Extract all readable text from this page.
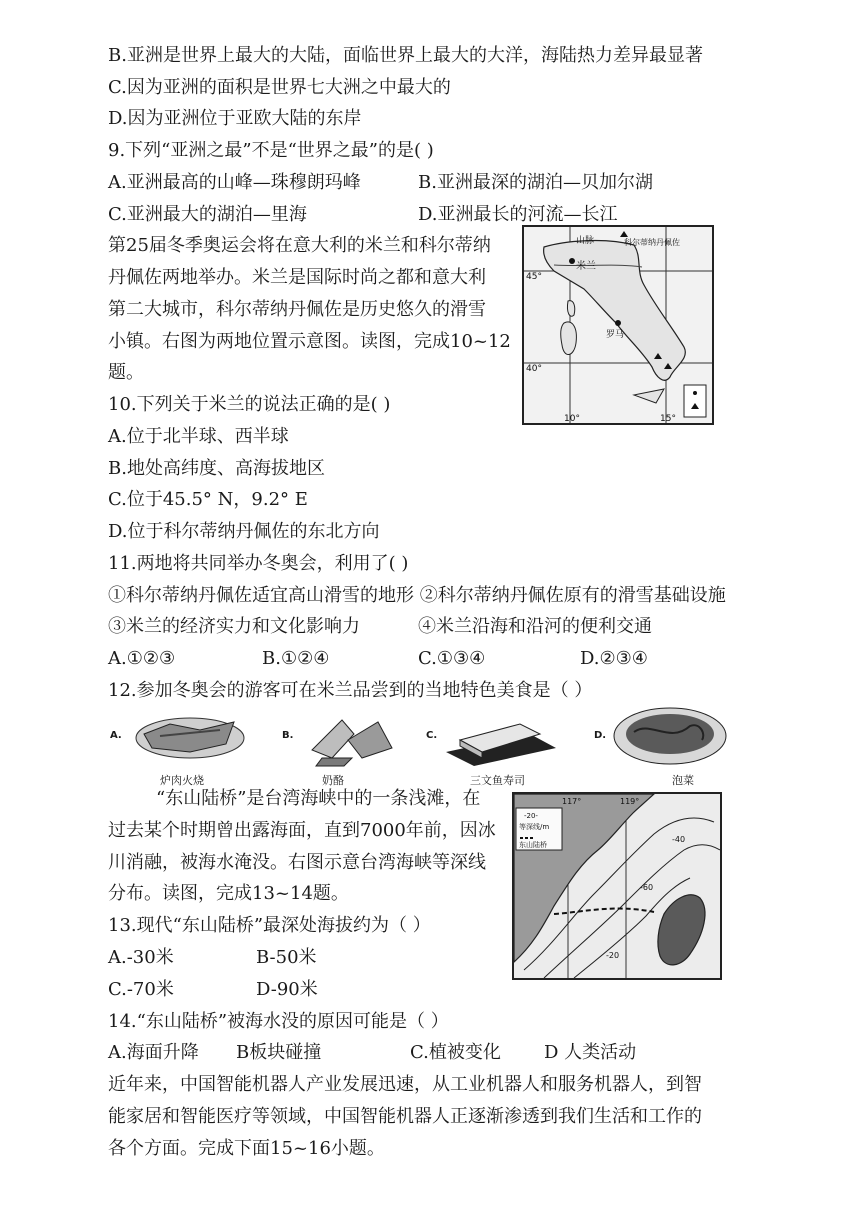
B.亚洲是世界上最大的大陆，面临世界上最大的大洋，海陆热力差异最显著
C.因为亚洲的面积是世界七大洲之中最大的
D.因为亚洲位于亚欧大陆的东岸
9.下列“亚洲之最”不是“世界之最”的是( )
A.亚洲最高的山峰—珠穆朗玛峰	B.亚洲最深的湖泊—贝加尔湖
C.亚洲最大的湖泊—里海	D.亚洲最长的河流—长江
第25届冬季奥运会将在意大利的米兰和科尔蒂纳
丹佩佐两地举办。米兰是国际时尚之都和意大利
第二大城市，科尔蒂纳丹佩佐是历史悠久的滑雪
小镇。右图为两地位置示意图。读图，完成10~12
题。
山脉	科尔蒂纳丹佩佐
米兰
罗马
45°
40°
10°	15°
10.下列关于米兰的说法正确的是( )
A.位于北半球、西半球
B.地处高纬度、高海拔地区
C.位于45.5° N，9.2° E
D.位于科尔蒂纳丹佩佐的东北方向
11.两地将共同举办冬奥会，利用了( )
①科尔蒂纳丹佩佐适宜高山滑雪的地形 ②科尔蒂纳丹佩佐原有的滑雪基础设施
③米兰的经济实力和文化影响力	④米兰沿海和沿河的便利交通
A.①②③	B.①②④	C.①③④	D.②③④
12.参加冬奥会的游客可在米兰品尝到的当地特色美食是（ ）
A.
炉肉火烧
B.
奶酪
C.
三文鱼寿司
D.
泡菜
“东山陆桥”是台湾海峡中的一条浅滩，在
过去某个时期曾出露海面，直到7000年前，因冰
川消融，被海水淹没。右图示意台湾海峡等深线
分布。读图，完成13~14题。
-20-
等深线/m
东山陆桥
117°	119°
-20
-40
-60
13.现代“东山陆桥”最深处海拔约为（ ）
A.-30米	B-50米
C.-70米	D-90米
14.“东山陆桥”被海水没的原因可能是（ ）
A.海面升降 B板块碰撞	C.植被变化 D 人类活动
近年来，中国智能机器人产业发展迅速，从工业机器人和服务机器人，到智
能家居和智能医疗等领域，中国智能机器人正逐渐渗透到我们生活和工作的
各个方面。完成下面15~16小题。
